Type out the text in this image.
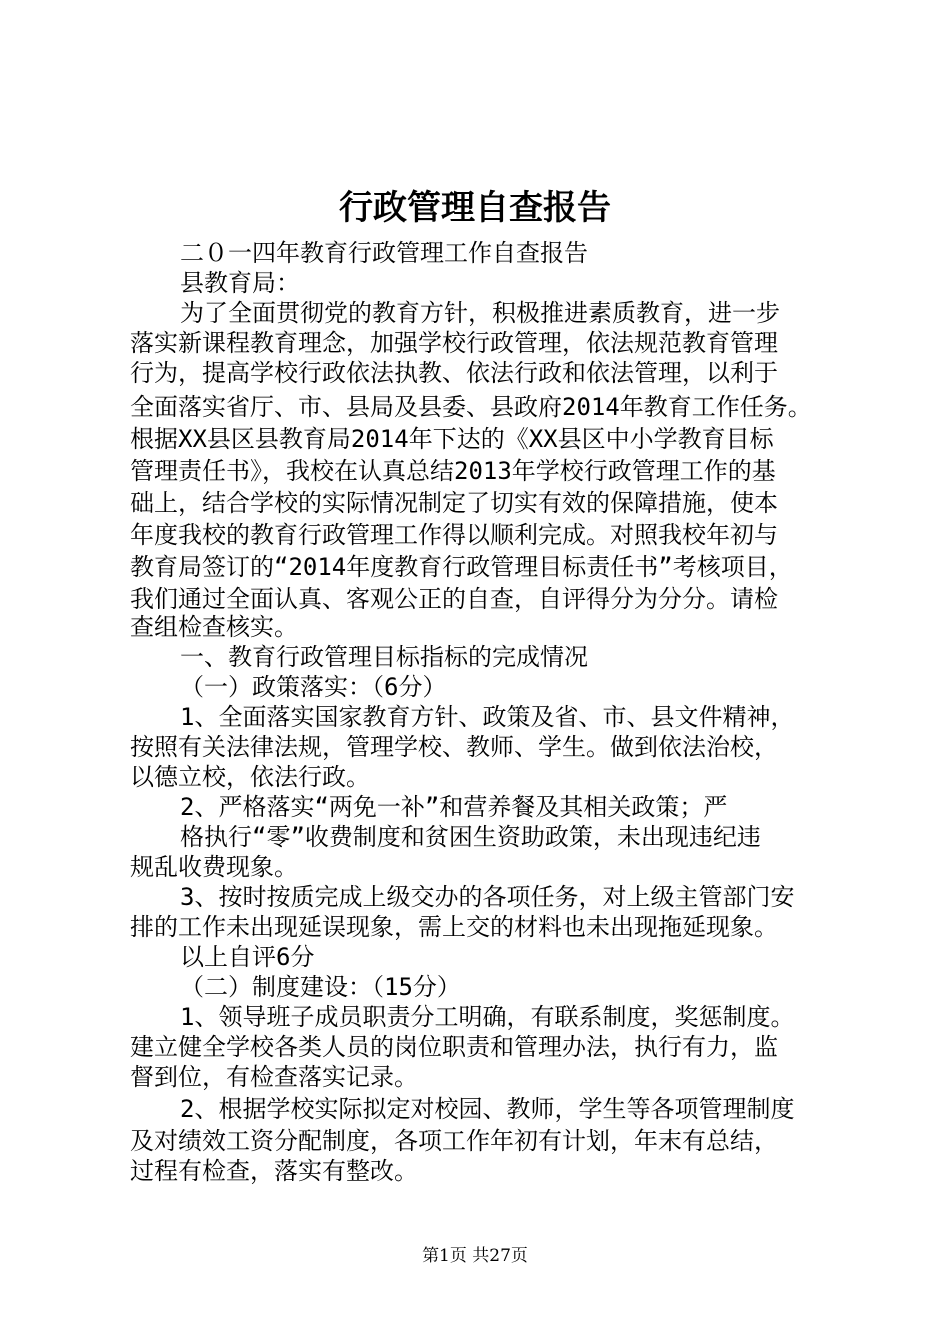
行政管理自查报告
二０一四年教育行政管理工作自查报告
县教育局：
为了全面贯彻党的教育方针，积极推进素质教育，进一步
落实新课程教育理念，加强学校行政管理，依法规范教育管理
行为，提高学校行政依法执教、依法行政和依法管理，以利于
全面落实省厅、市、县局及县委、县政府2014年教育工作任务。
根据XX县区县教育局2014年下达的《XX县区中小学教育目标
管理责任书》，我校在认真总结2013年学校行政管理工作的基
础上，结合学校的实际情况制定了切实有效的保障措施，使本
年度我校的教育行政管理工作得以顺利完成。对照我校年初与
教育局签订的“2014年度教育行政管理目标责任书”考核项目，
我们通过全面认真、客观公正的自查，自评得分为分分。请检
查组检查核实。
一、教育行政管理目标指标的完成情况
（一）政策落实：（6分）
1、全面落实国家教育方针、政策及省、市、县文件精神，
按照有关法律法规，管理学校、教师、学生。做到依法治校，
以德立校，依法行政。
2、严格落实“两免一补”和营养餐及其相关政策；严
格执行“零”收费制度和贫困生资助政策，未出现违纪违
规乱收费现象。
3、按时按质完成上级交办的各项任务，对上级主管部门安
排的工作未出现延误现象，需上交的材料也未出现拖延现象。
以上自评6分
（二）制度建设：（15分）
1、领导班子成员职责分工明确，有联系制度，奖惩制度。
建立健全学校各类人员的岗位职责和管理办法，执行有力，监
督到位，有检查落实记录。
2、根据学校实际拟定对校园、教师，学生等各项管理制度
及对绩效工资分配制度，各项工作年初有计划，年末有总结，
过程有检查，落实有整改。
第1页 共27页
